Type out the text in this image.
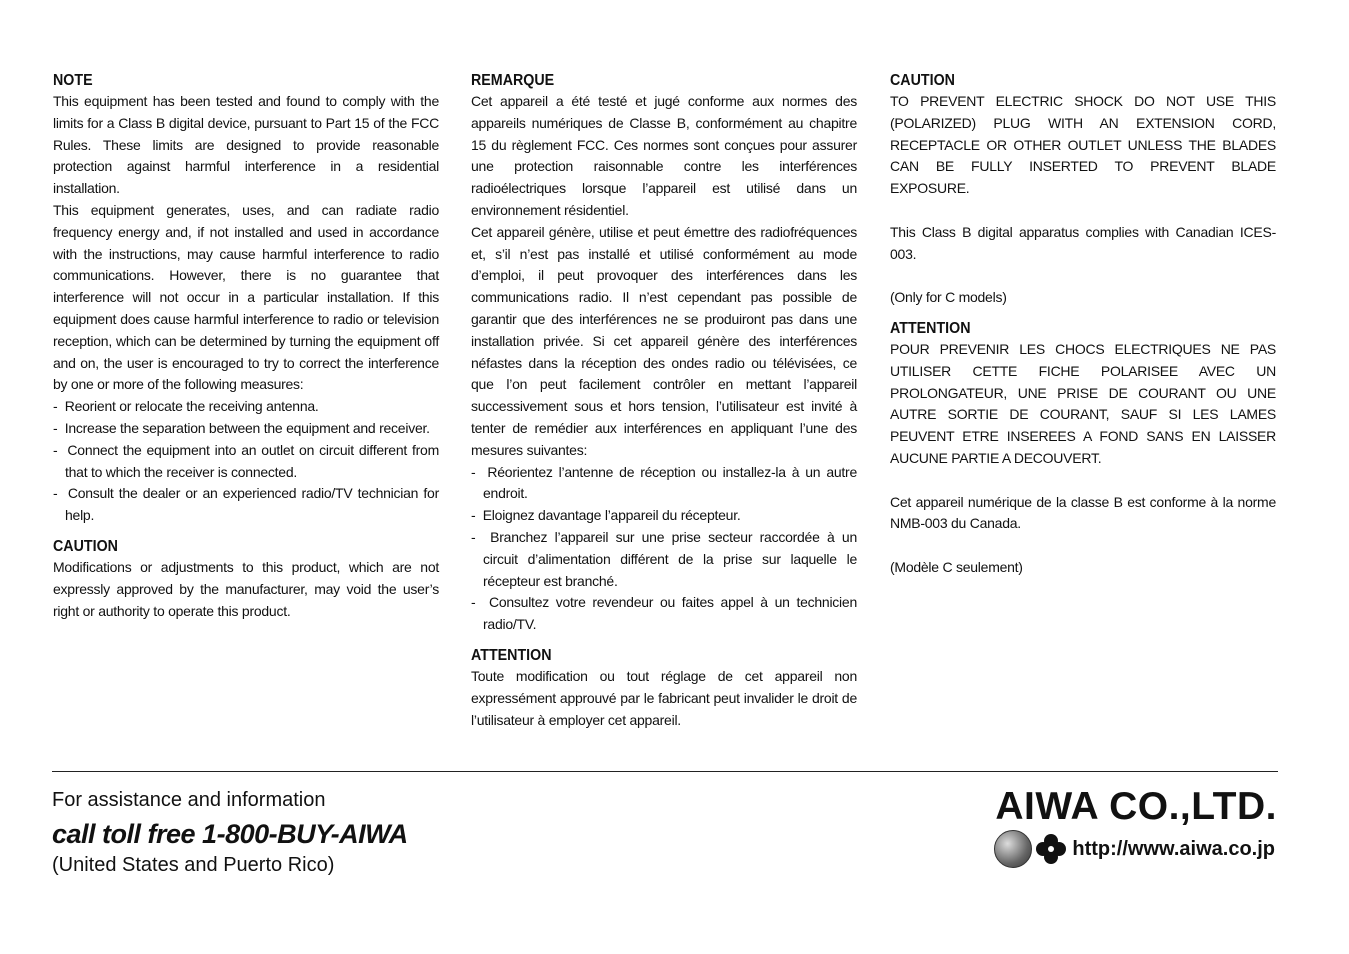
NOTE

This equipment has been tested and found to comply with the limits for a Class B digital device, pursuant to Part 15 of the FCC Rules. These limits are designed to provide reasonable protection against harmful interference in a residential installation.

This equipment generates, uses, and can radiate radio frequency energy and, if not installed and used in accordance with the instructions, may cause harmful interference to radio communications. However, there is no guarantee that interference will not occur in a particular installation. If this equipment does cause harmful interference to radio or television reception, which can be determined by turning the equipment off and on, the user is encouraged to try to correct the interference by one or more of the following measures:

-  Reorient or relocate the receiving antenna.
-  Increase the separation between the equipment and receiver.
-  Connect the equipment into an outlet on circuit different from that to which the receiver is connected.
-  Consult the dealer or an experienced radio/TV technician for help.

CAUTION

Modifications or adjustments to this product, which are not expressly approved by the manufacturer, may void the user’s right or authority to operate this product.

REMARQUE

Cet appareil a été testé et jugé conforme aux normes des appareils numériques de Classe B, conformément au chapitre 15 du règlement FCC. Ces normes sont conçues pour assurer une protection raisonnable contre les interférences radioélectriques lorsque l’appareil est utilisé dans un environnement résidentiel.

Cet appareil génère, utilise et peut émettre des radiofréquences et, s’il n’est pas installé et utilisé conformément au mode d’emploi, il peut provoquer des interférences dans les communications radio. Il n’est cependant pas possible de garantir que des interférences ne se produiront pas dans une installation privée. Si cet appareil génère des interférences néfastes dans la réception des ondes radio ou télévisées, ce que l’on peut facilement contrôler en mettant l’appareil successivement sous et hors tension, l’utilisateur est invité à tenter de remédier aux interférences en appliquant l’une des mesures suivantes:

-  Réorientez l’antenne de réception ou installez-la à un autre endroit.
-  Eloignez davantage l’appareil du récepteur.
-  Branchez l’appareil sur une prise secteur raccordée à un circuit d’alimentation différent de la prise sur laquelle le récepteur est branché.
-  Consultez votre revendeur ou faites appel à un technicien radio/TV.

ATTENTION

Toute modification ou tout réglage de cet appareil non expressément approuvé par le fabricant peut invalider le droit de l’utilisateur à employer cet appareil.

CAUTION

TO PREVENT ELECTRIC SHOCK DO NOT USE THIS (POLARIZED) PLUG WITH AN EXTENSION CORD, RECEPTACLE OR OTHER OUTLET UNLESS THE BLADES CAN BE FULLY INSERTED TO PREVENT BLADE EXPOSURE.

This Class B digital apparatus complies with Canadian ICES-003.

(Only for C models)

ATTENTION

POUR PREVENIR LES CHOCS ELECTRIQUES NE PAS UTILISER CETTE FICHE POLARISEE AVEC UN PROLONGATEUR, UNE PRISE DE COURANT OU UNE AUTRE SORTIE DE COURANT, SAUF SI LES LAMES PEUVENT ETRE INSEREES A FOND SANS EN LAISSER AUCUNE PARTIE A DECOUVERT.

Cet appareil numérique de la classe B est conforme à la norme NMB-003 du Canada.

(Modèle C seulement)

For assistance and information
call toll free 1-800-BUY-AIWA
(United States and Puerto Rico)
AIWA CO.,LTD.
http://www.aiwa.co.jp
